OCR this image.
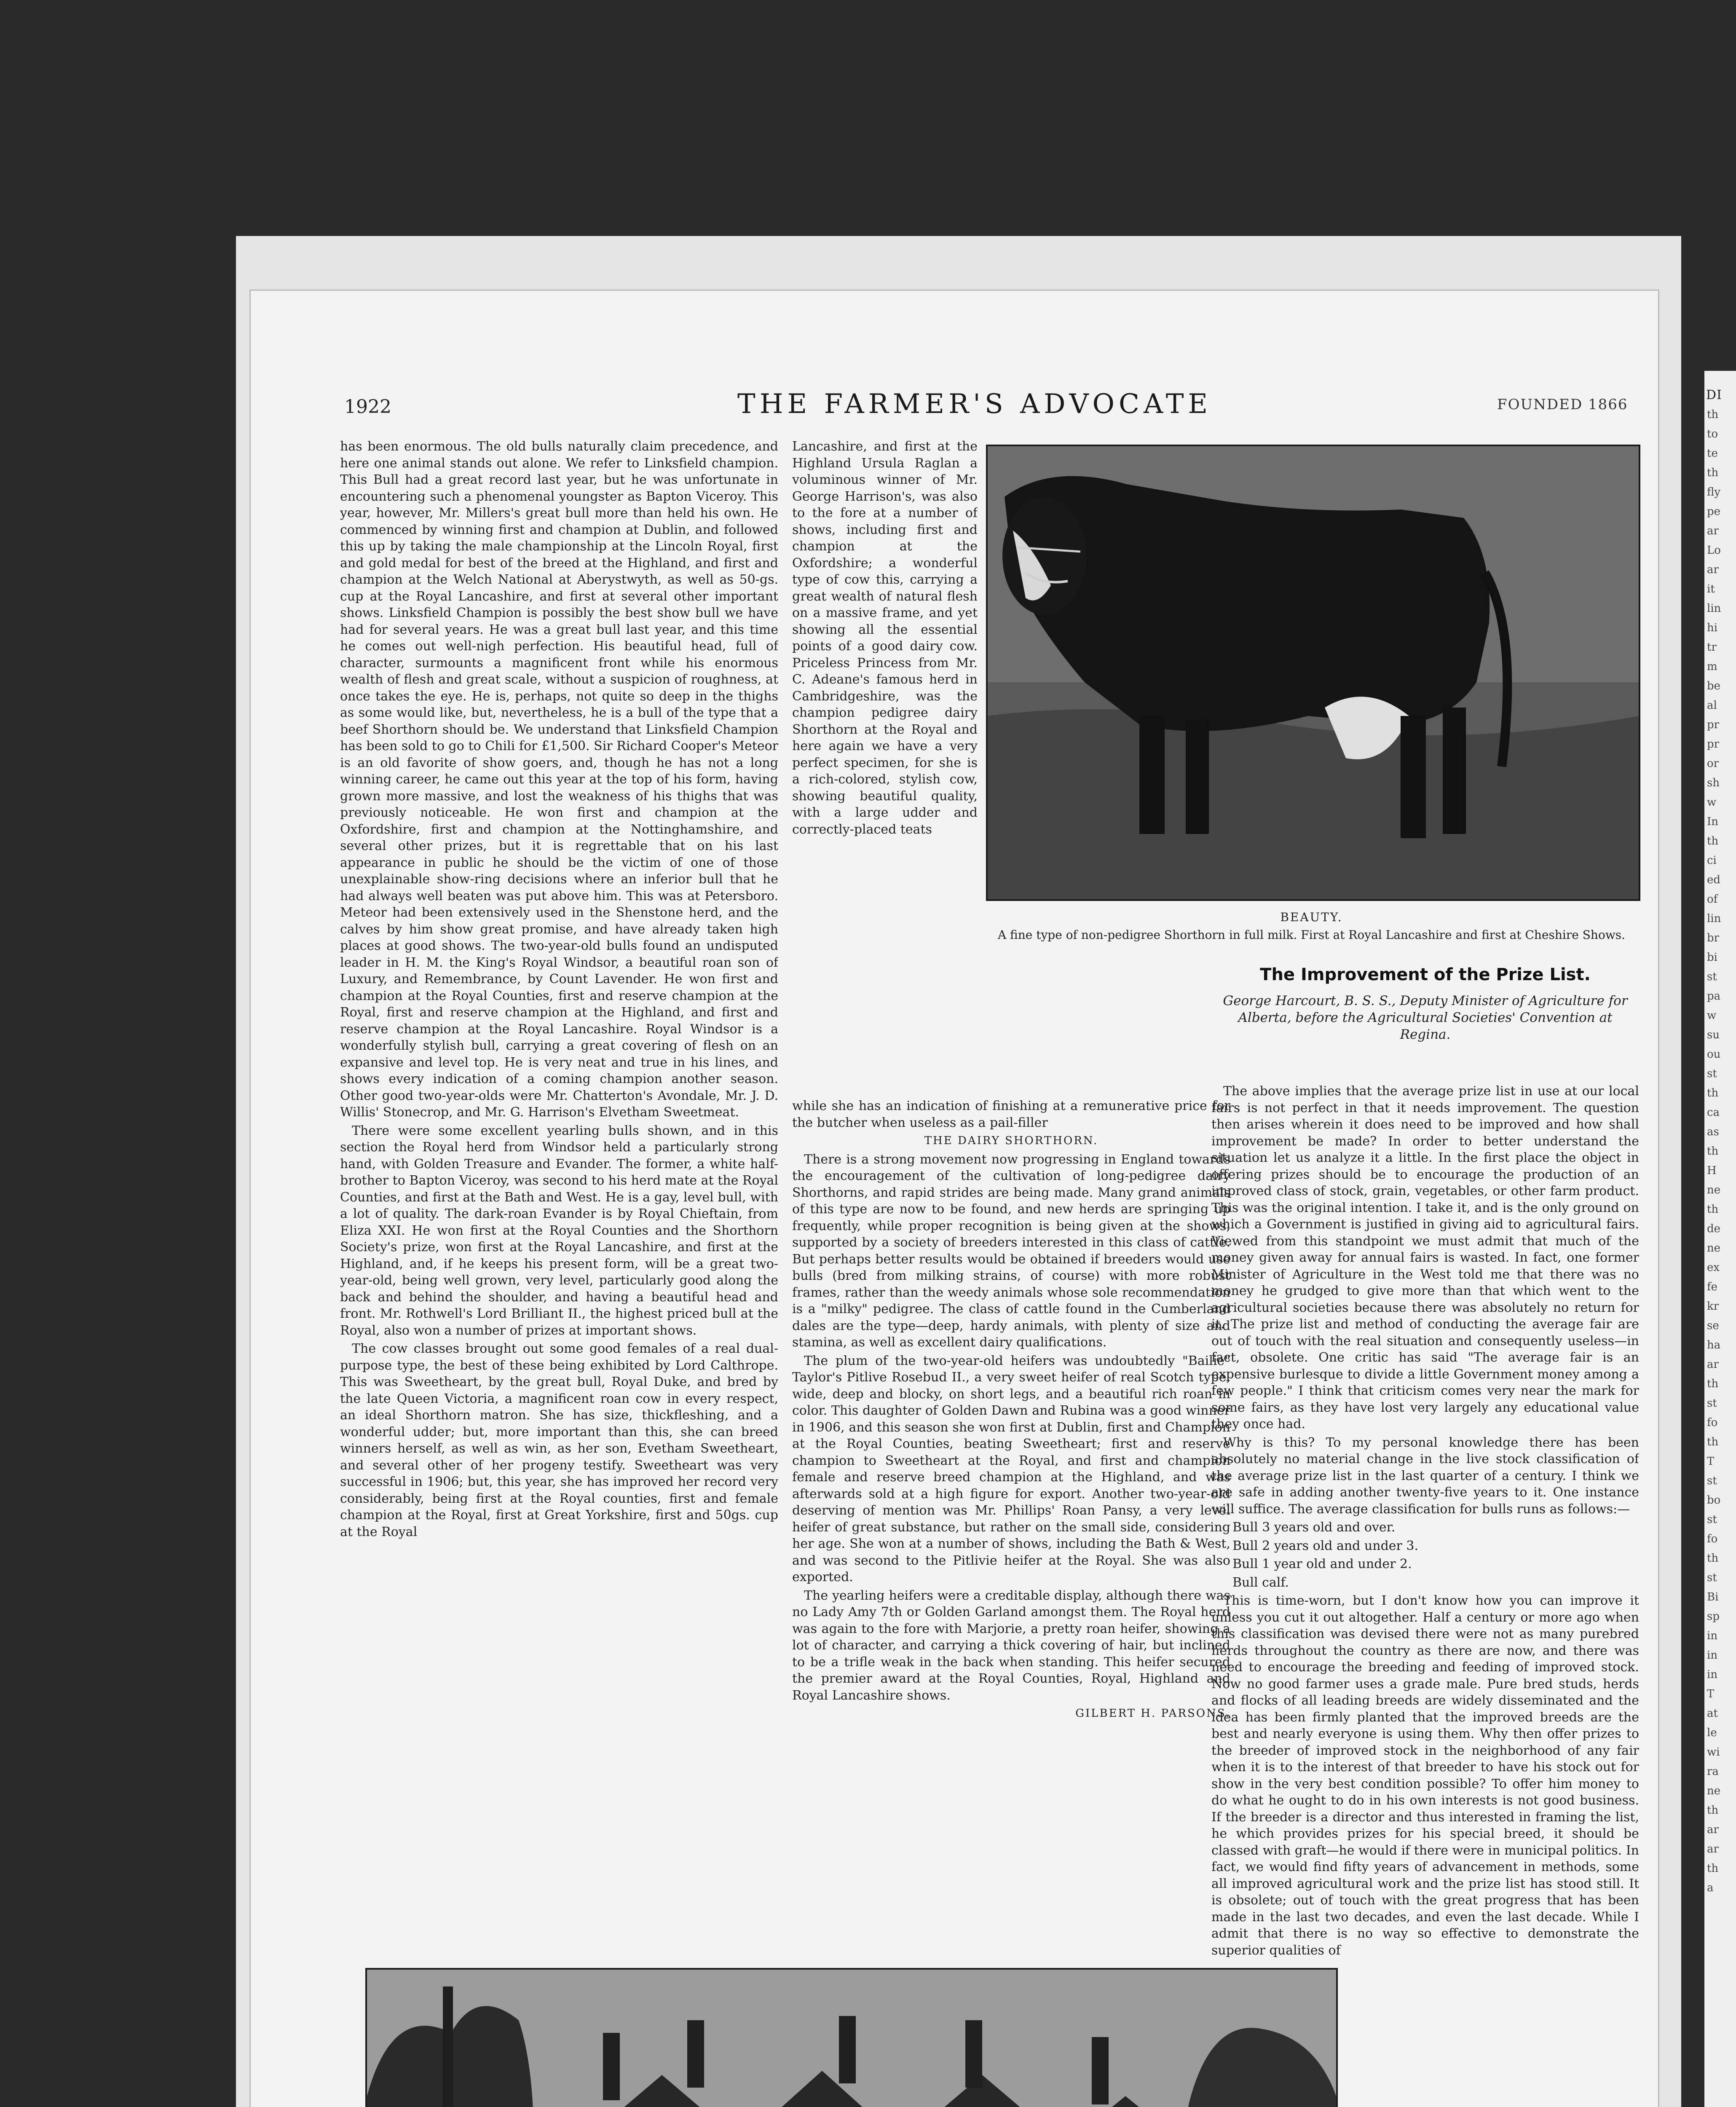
DI
th
to
te
th
fly
pe
ar
Lo
ar
it
lin
hi
tr
m
be
al
pr
pr
or
sh
w
In
th
ci
ed
of
lin
br
bi
st
pa
w
su
ou
st
th
ca
as
th
H
ne
th
de
ne
ex
fe
kr
se
ha
ar
th
st
fo
th
T
st
bo
st
fo
th
st
Bi
sp
in
in
in
T
at
le
wi
ra
ne
th
ar
ar
th
a
1922	THE FARMER'S ADVOCATE	FOUNDED 1866

has been enormous. The old bulls naturally claim precedence, and here one animal stands out alone. We refer to Linksfield champion. This Bull had a great record last year, but he was unfortunate in encountering such a phenomenal youngster as Bapton Viceroy. This year, however, Mr. Millers's great bull more than held his own. He commenced by winning first and champion at Dublin, and followed this up by taking the male championship at the Lincoln Royal, first and gold medal for best of the breed at the Highland, and first and champion at the Welch National at Aberystwyth, as well as 50-gs. cup at the Royal Lancashire, and first at several other important shows. Linksfield Champion is possibly the best show bull we have had for several years. He was a great bull last year, and this time he comes out well-nigh perfection. His beautiful head, full of character, surmounts a magnificent front while his enormous wealth of flesh and great scale, without a suspicion of roughness, at once takes the eye. He is, perhaps, not quite so deep in the thighs as some would like, but, nevertheless, he is a bull of the type that a beef Shorthorn should be. We understand that Linksfield Champion has been sold to go to Chili for £1,500. Sir Richard Cooper's Meteor is an old favorite of show goers, and, though he has not a long winning career, he came out this year at the top of his form, having grown more massive, and lost the weakness of his thighs that was previously noticeable. He won first and champion at the Oxfordshire, first and champion at the Nottinghamshire, and several other prizes, but it is regrettable that on his last appearance in public he should be the victim of one of those unexplainable show-ring decisions where an inferior bull that he had always well beaten was put above him. This was at Petersboro. Meteor had been extensively used in the Shenstone herd, and the calves by him show great promise, and have already taken high places at good shows. The two-year-old bulls found an undisputed leader in H. M. the King's Royal Windsor, a beautiful roan son of Luxury, and Remembrance, by Count Lavender. He won first and champion at the Royal Counties, first and reserve champion at the Royal, first and reserve champion at the Highland, and first and reserve champion at the Royal Lancashire. Royal Windsor is a wonderfully stylish bull, carrying a great covering of flesh on an expansive and level top. He is very neat and true in his lines, and shows every indication of a coming champion another season. Other good two-year-olds were Mr. Chatterton's Avondale, Mr. J. D. Willis' Stonecrop, and Mr. G. Harrison's Elvetham Sweetmeat.

There were some excellent yearling bulls shown, and in this section the Royal herd from Windsor held a particularly strong hand, with Golden Treasure and Evander. The former, a white half-brother to Bapton Viceroy, was second to his herd mate at the Royal Counties, and first at the Bath and West. He is a gay, level bull, with a lot of quality. The dark-roan Evander is by Royal Chieftain, from Eliza XXI. He won first at the Royal Counties and the Shorthorn Society's prize, won first at the Royal Lancashire, and first at the Highland, and, if he keeps his present form, will be a great two-year-old, being well grown, very level, particularly good along the back and behind the shoulder, and having a beautiful head and front. Mr. Rothwell's Lord Brilliant II., the highest priced bull at the Royal, also won a number of prizes at important shows.

The cow classes brought out some good females of a real dual-purpose type, the best of these being exhibited by Lord Calthrope. This was Sweetheart, by the great bull, Royal Duke, and bred by the late Queen Victoria, a magnificent roan cow in every respect, an ideal Shorthorn matron. She has size, thickfleshing, and a wonderful udder; but, more important than this, she can breed winners herself, as well as win, as her son, Evetham Sweetheart, and several other of her progeny testify. Sweetheart was very successful in 1906; but, this year, she has improved her record very considerably, being first at the Royal counties, first and female champion at the Royal, first at Great Yorkshire, first and 50gs. cup at the Royal

Lancashire, and first at the Highland Ursula Raglan a voluminous winner of Mr. George Harrison's, was also to the fore at a number of shows, including first and champion at the Oxfordshire; a wonderful type of cow this, carrying a great wealth of natural flesh on a massive frame, and yet showing all the essential points of a good dairy cow. Priceless Princess from Mr. C. Adeane's famous herd in Cambridgeshire, was the champion pedigree dairy Shorthorn at the Royal and here again we have a very perfect specimen, for she is a rich-colored, stylish cow, showing beautiful quality, with a large udder and correctly-placed teats

BEAUTY.
A fine type of non-pedigree Shorthorn in full milk. First at Royal Lancashire and first at Cheshire Shows.
The Improvement of the Prize List.
George Harcourt, B. S. S., Deputy Minister of Agriculture for Alberta, before the Agricultural Societies' Convention at Regina.

while she has an indication of finishing at a remunerative price for the butcher when useless as a pail-filler

THE DAIRY SHORTHORN.

There is a strong movement now progressing in England towards the encouragement of the cultivation of long-pedigree dairy Shorthorns, and rapid strides are being made. Many grand animals of this type are now to be found, and new herds are springing up frequently, while proper recognition is being given at the shows, supported by a society of breeders interested in this class of cattle. But perhaps better results would be obtained if breeders would use bulls (bred from milking strains, of course) with more robust frames, rather than the weedy animals whose sole recommendation is a "milky" pedigree. The class of cattle found in the Cumberland dales are the type—deep, hardy animals, with plenty of size and stamina, as well as excellent dairy qualifications.

The plum of the two-year-old heifers was undoubtedly "Bailie" Taylor's Pitlive Rosebud II., a very sweet heifer of real Scotch type, wide, deep and blocky, on short legs, and a beautiful rich roan in color. This daughter of Golden Dawn and Rubina was a good winner in 1906, and this season she won first at Dublin, first and Champion at the Royal Counties, beating Sweetheart; first and reserve champion to Sweetheart at the Royal, and first and champion female and reserve breed champion at the Highland, and was afterwards sold at a high figure for export. Another two-year-old deserving of mention was Mr. Phillips' Roan Pansy, a very level heifer of great substance, but rather on the small side, considering her age. She won at a number of shows, including the Bath & West, and was second to the Pitlivie heifer at the Royal. She was also exported.

The yearling heifers were a creditable display, although there was no Lady Amy 7th or Golden Garland amongst them. The Royal herd was again to the fore with Marjorie, a pretty roan heifer, showing a lot of character, and carrying a thick covering of hair, but inclined to be a trifle weak in the back when standing. This heifer secured the premier award at the Royal Counties, Royal, Highland and Royal Lancashire shows.

GILBERT H. PARSONS.

The above implies that the average prize list in use at our local fairs is not perfect in that it needs improvement. The question then arises wherein it does need to be improved and how shall improvement be made? In order to better understand the situation let us analyze it a little. In the first place the object in offering prizes should be to encourage the production of an improved class of stock, grain, vegetables, or other farm product. This was the original intention. I take it, and is the only ground on which a Government is justified in giving aid to agricultural fairs. Viewed from this standpoint we must admit that much of the money given away for annual fairs is wasted. In fact, one former Minister of Agriculture in the West told me that there was no money he grudged to give more than that which went to the agricultural societies because there was absolutely no return for it. The prize list and method of conducting the average fair are out of touch with the real situation and consequently useless—in fact, obsolete. One critic has said "The average fair is an expensive burlesque to divide a little Government money among a few people." I think that criticism comes very near the mark for some fairs, as they have lost very largely any educational value they once had.

Why is this? To my personal knowledge there has been absolutely no material change in the live stock classification of the average prize list in the last quarter of a century. I think we are safe in adding another twenty-five years to it. One instance will suffice. The average classification for bulls runs as follows:—

Bull 3 years old and over.

Bull 2 years old and under 3.

Bull 1 year old and under 2.

Bull calf.

This is time-worn, but I don't know how you can improve it unless you cut it out altogether. Half a century or more ago when this classification was devised there were not as many purebred herds throughout the country as there are now, and there was need to encourage the breeding and feeding of improved stock. Now no good farmer uses a grade male. Pure bred studs, herds and flocks of all leading breeds are widely disseminated and the idea has been firmly planted that the improved breeds are the best and nearly everyone is using them. Why then offer prizes to the breeder of improved stock in the neighborhood of any fair when it is to the interest of that breeder to have his stock out for show in the very best condition possible? To offer him money to do what he ought to do in his own interests is not good business. If the breeder is a director and thus interested in framing the list, he which provides prizes for his special breed, it should be classed with graft—he would if there were in municipal politics. In fact, we would find fifty years of advancement in methods, some all improved agricultural work and the prize list has stood still. It is obsolete; out of touch with the great progress that has been made in the last two decades, and even the last decade. While I admit that there is no way so effective to demonstrate the superior qualities of
